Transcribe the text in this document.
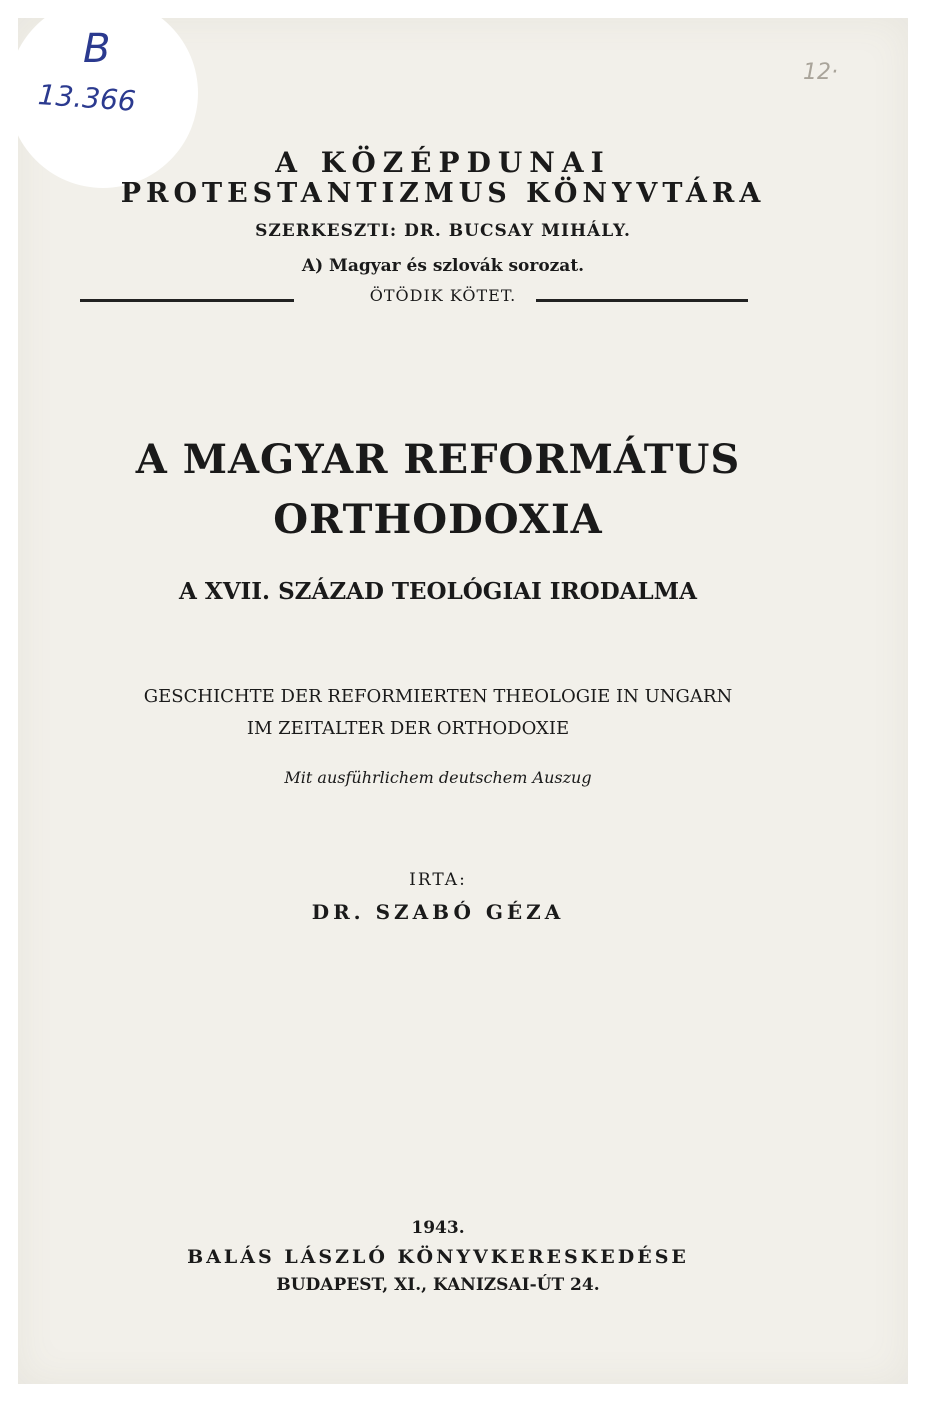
B
13.366
12·
A KÖZÉPDUNAI
PROTESTANTIZMUS KÖNYVTÁRA
SZERKESZTI: DR. BUCSAY MIHÁLY.
A) Magyar és szlovák sorozat.
ÖTÖDIK KÖTET.
A MAGYAR REFORMÁTUS
ORTHODOXIA
A XVII. SZÁZAD TEOLÓGIAI IRODALMA
GESCHICHTE DER REFORMIERTEN THEOLOGIE IN UNGARN
IM ZEITALTER DER ORTHODOXIE
Mit ausführlichem deutschem Auszug
IRTA:
DR. SZABÓ GÉZA
1943.
BALÁS LÁSZLÓ KÖNYVKERESKEDÉSE
BUDAPEST, XI., KANIZSAI-ÚT 24.
